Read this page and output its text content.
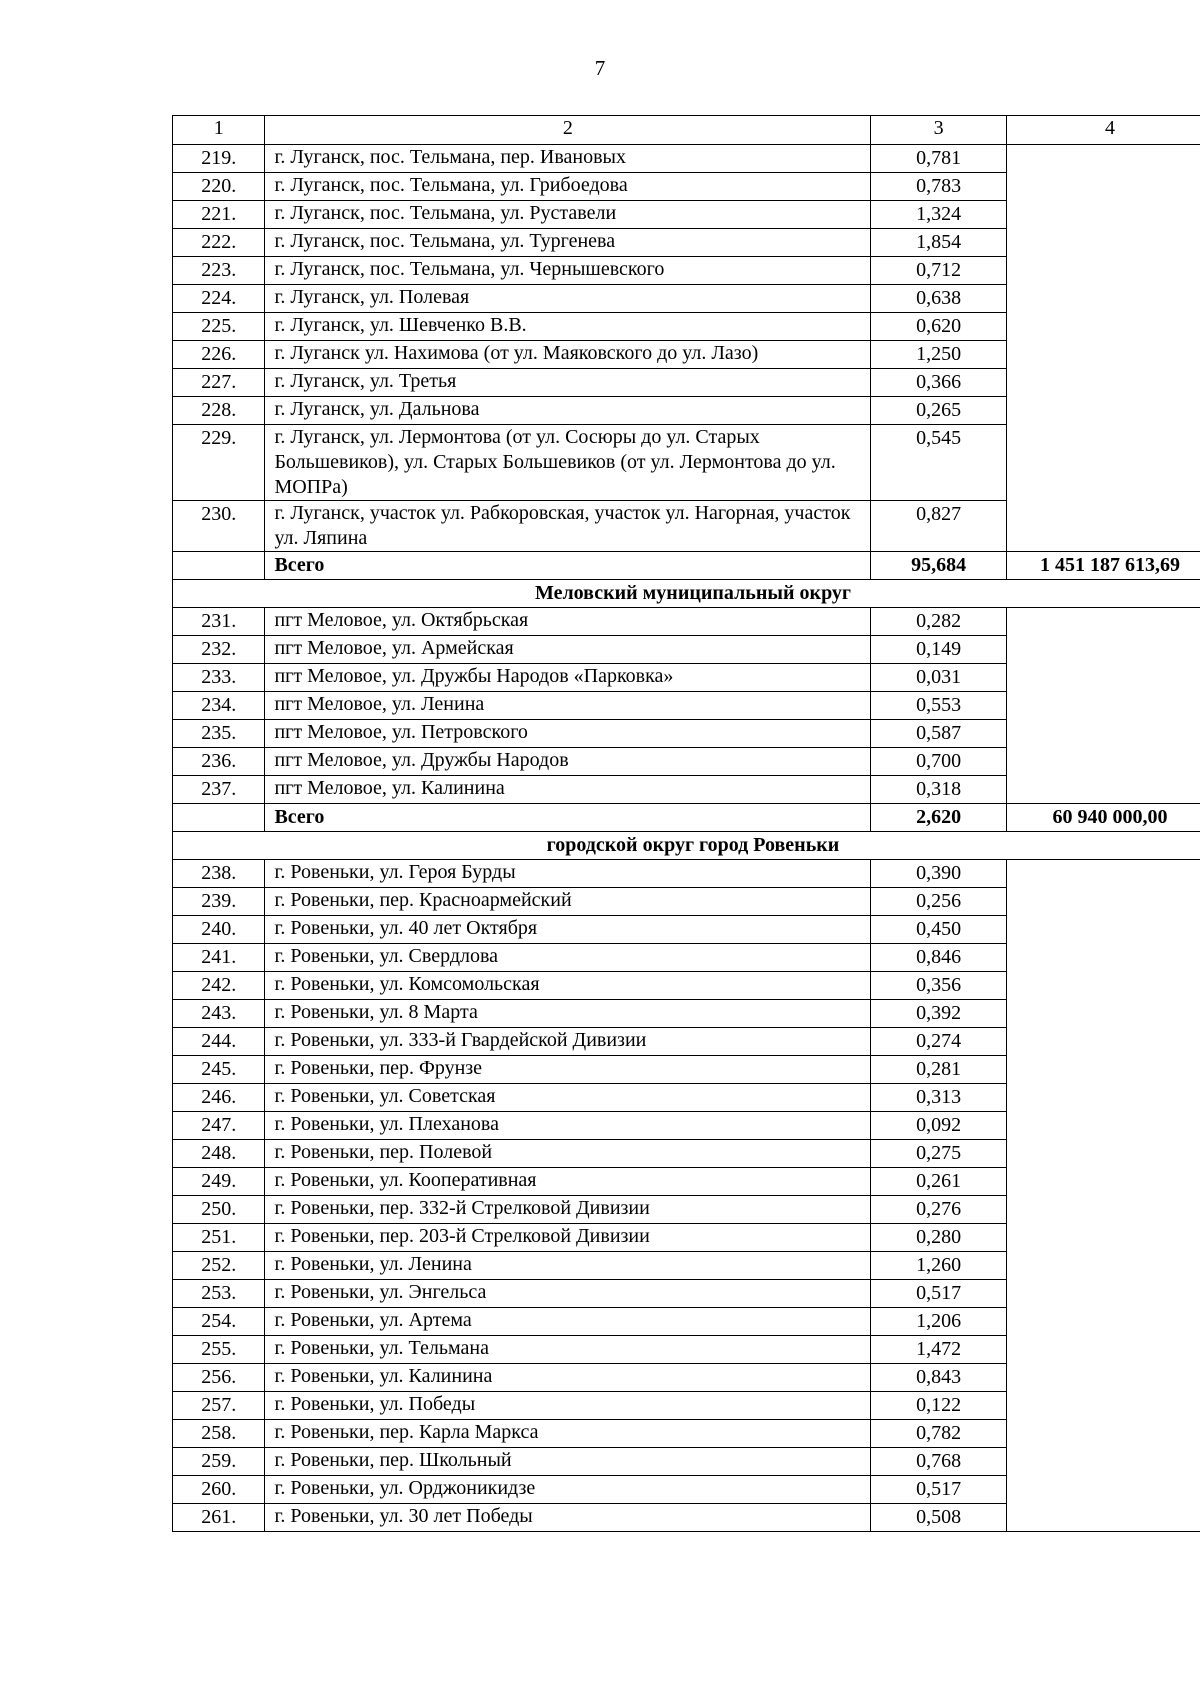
7
1	2	3	4
219.	г. Луганск, пос. Тельмана, пер. Ивановых	0,781	
220.	г. Луганск, пос. Тельмана, ул. Грибоедова	0,783	
221.	г. Луганск, пос. Тельмана, ул. Руставели	1,324	
222.	г. Луганск, пос. Тельмана, ул. Тургенева	1,854	
223.	г. Луганск, пос. Тельмана, ул. Чернышевского	0,712	
224.	г. Луганск, ул. Полевая	0,638	
225.	г. Луганск, ул. Шевченко В.В.	0,620	
226.	г. Луганск ул. Нахимова (от ул. Маяковского до ул. Лазо)	1,250	
227.	г. Луганск, ул. Третья	0,366	
228.	г. Луганск, ул. Дальнова	0,265	
229.	г. Луганск, ул. Лермонтова (от ул. Сосюры до ул. Старых Большевиков), ул. Старых Большевиков (от ул. Лермонтова до ул. МОПРа)	0,545	
230.	г. Луганск, участок ул. Рабкоровская, участок ул. Нагорная, участок ул. Ляпина	0,827	
	Всего	95,684	1 451 187 613,69
Меловский муниципальный округ			
231.	пгт Меловое, ул. Октябрьская	0,282	
232.	пгт Меловое, ул. Армейская	0,149	
233.	пгт Меловое, ул. Дружбы Народов «Парковка»	0,031	
234.	пгт Меловое, ул. Ленина	0,553	
235.	пгт Меловое, ул. Петровского	0,587	
236.	пгт Меловое, ул. Дружбы Народов	0,700	
237.	пгт Меловое, ул. Калинина	0,318	
	Всего	2,620	60 940 000,00
городской округ город Ровеньки			
238.	г. Ровеньки, ул. Героя Бурды	0,390	
239.	г. Ровеньки, пер. Красноармейский	0,256	
240.	г. Ровеньки, ул. 40 лет Октября	0,450	
241.	г. Ровеньки, ул. Свердлова	0,846	
242.	г. Ровеньки, ул. Комсомольская	0,356	
243.	г. Ровеньки, ул. 8 Марта	0,392	
244.	г. Ровеньки, ул. 333-й Гвардейской Дивизии	0,274	
245.	г. Ровеньки, пер. Фрунзе	0,281	
246.	г. Ровеньки, ул. Советская	0,313	
247.	г. Ровеньки, ул. Плеханова	0,092	
248.	г. Ровеньки, пер. Полевой	0,275	
249.	г. Ровеньки, ул. Кооперативная	0,261	
250.	г. Ровеньки, пер. 332-й Стрелковой Дивизии	0,276	
251.	г. Ровеньки, пер. 203-й Стрелковой Дивизии	0,280	
252.	г. Ровеньки, ул. Ленина	1,260	
253.	г. Ровеньки, ул. Энгельса	0,517	
254.	г. Ровеньки, ул. Артема	1,206	
255.	г. Ровеньки, ул. Тельмана	1,472	
256.	г. Ровеньки, ул. Калинина	0,843	
257.	г. Ровеньки, ул. Победы	0,122	
258.	г. Ровеньки, пер. Карла Маркса	0,782	
259.	г. Ровеньки, пер. Школьный	0,768	
260.	г. Ровеньки, ул. Орджоникидзе	0,517	
261.	г. Ровеньки, ул. 30 лет Победы	0,508	
